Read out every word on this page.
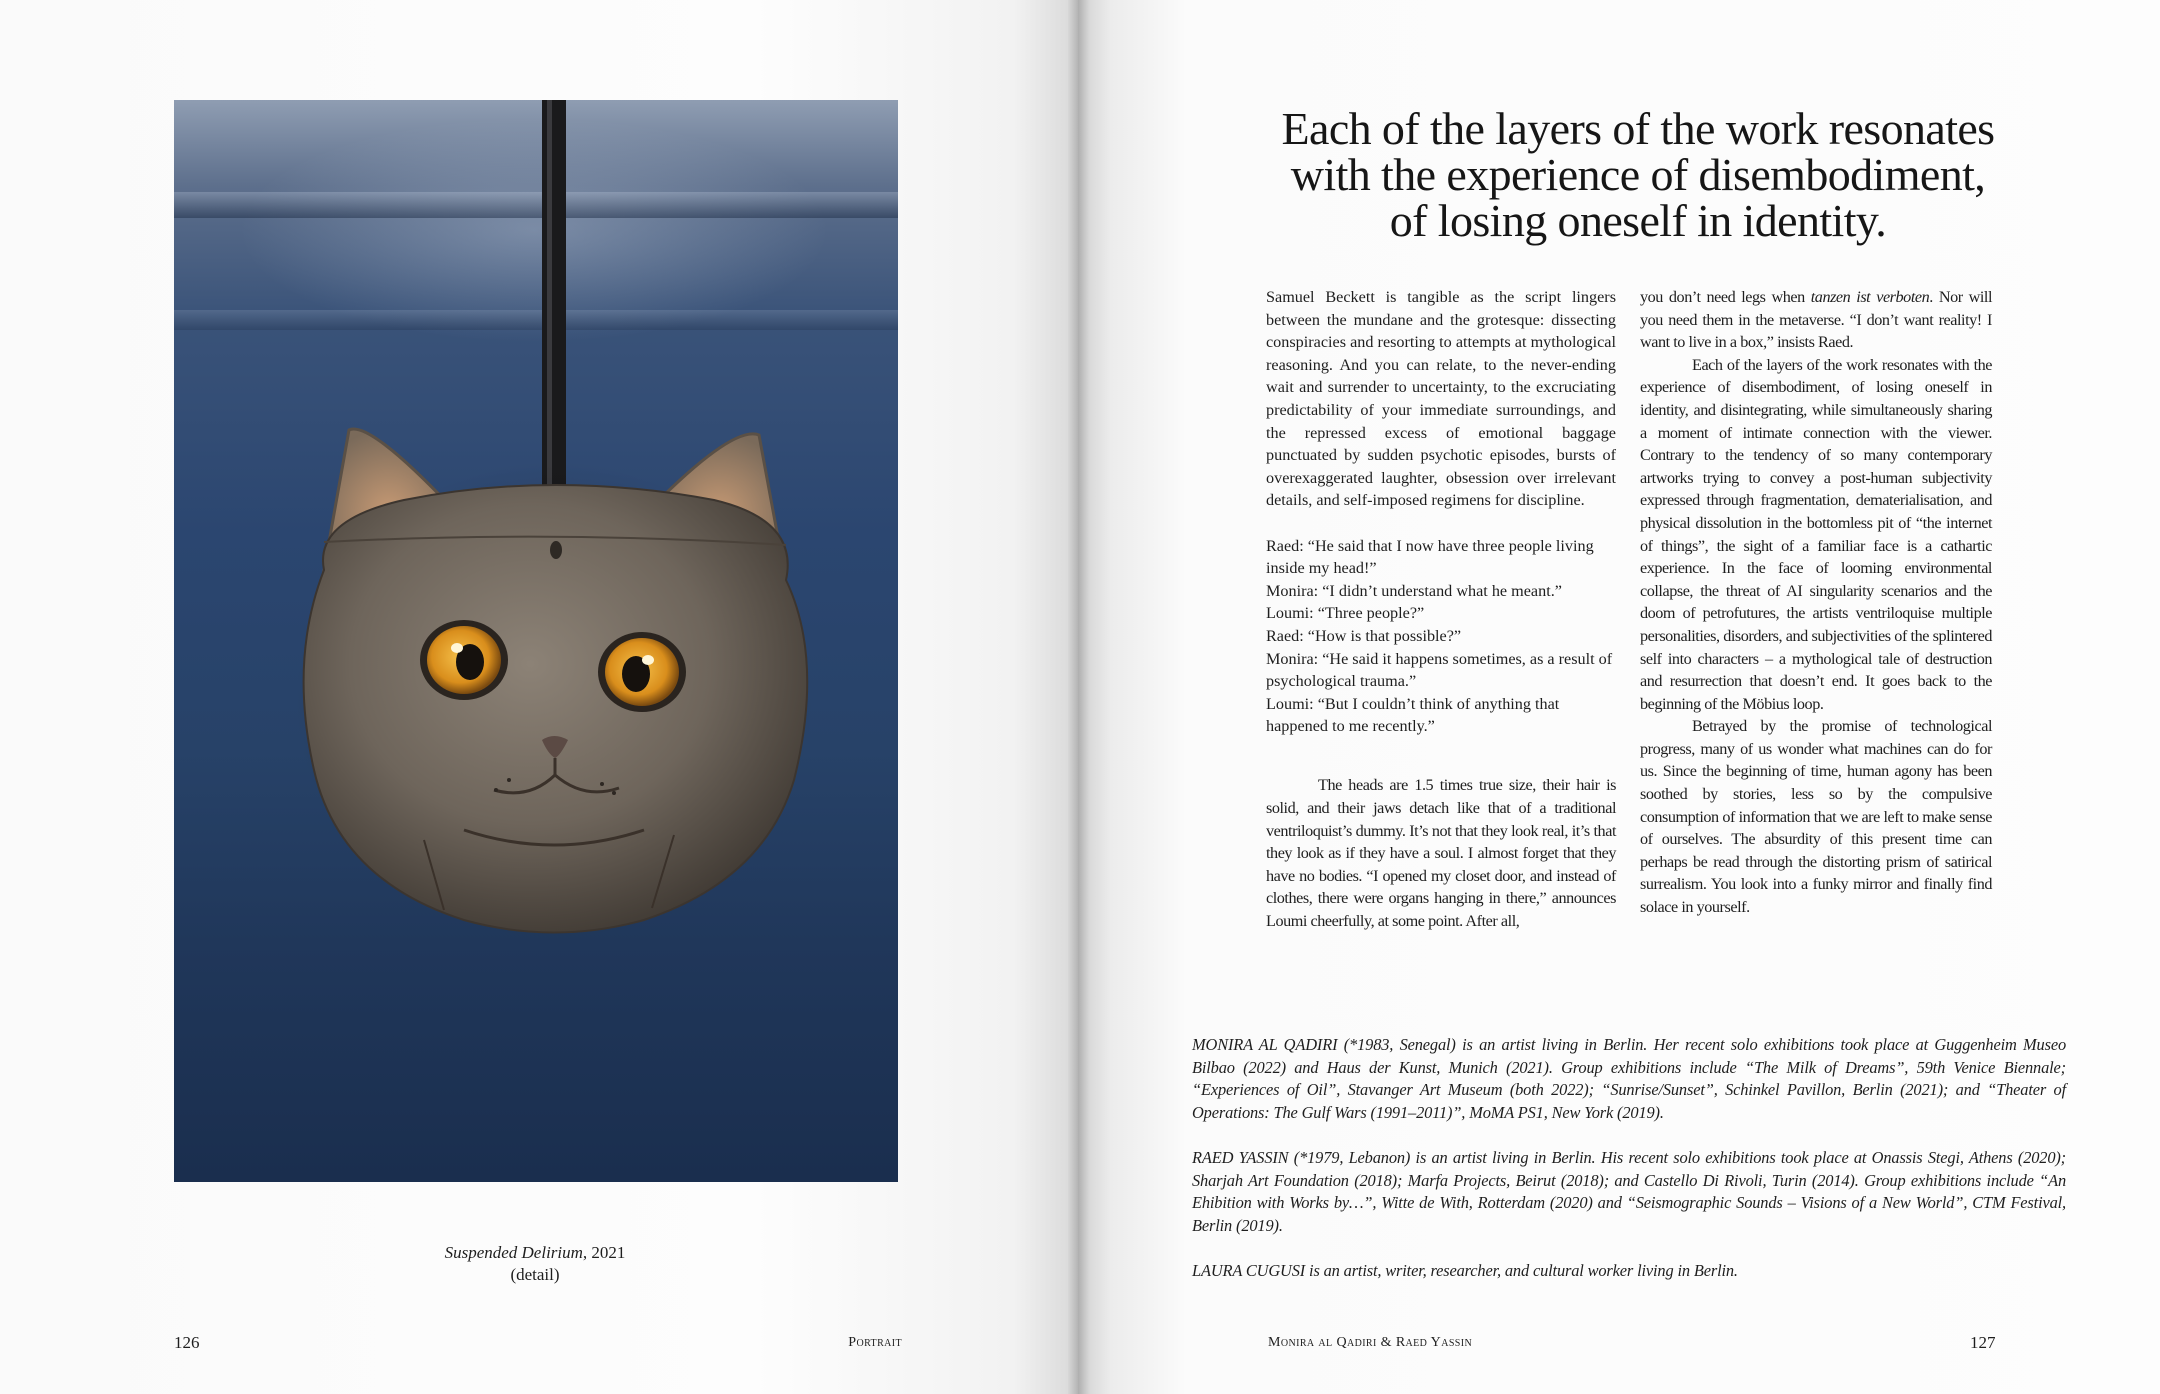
Suspended Delirium, 2021
(detail)
126	Portrait
Each of the layers of the work resonates
with the experience of disembodiment,
of losing oneself in identity.

Samuel Beckett is tangible as the script lingers between the mundane and the grotesque: dissecting conspiracies and resorting to attempts at mythological reasoning. And you can relate, to the never-ending wait and surrender to uncertainty, to the excruciating predictability of your immediate surroundings, and the repressed excess of emotional baggage punctuated by sudden psychotic episodes, bursts of overexaggerated laughter, obsession over irrelevant details, and self-imposed regimens for discipline.

Raed: “He said that I now have three people living inside my head!”

Monira: “I didn’t understand what he meant.”

Loumi: “Three people?”

Raed: “How is that possible?”

Monira: “He said it happens sometimes, as a result of psychological trauma.”

Loumi: “But I couldn’t think of anything that happened to me recently.”

The heads are 1.5 times true size, their hair is solid, and their jaws detach like that of a traditional ventriloquist’s dummy. It’s not that they look real, it’s that they look as if they have a soul. I almost forget that they have no bodies. “I opened my closet door, and instead of clothes, there were organs hanging in there,” announces Loumi cheerfully, at some point. After all,

you don’t need legs when tanzen ist verboten. Nor will you need them in the metaverse. “I don’t want reality! I want to live in a box,” insists Raed.

Each of the layers of the work resonates with the experience of disembodiment, of losing oneself in identity, and disintegrating, while simultaneously sharing a moment of intimate connection with the viewer. Contrary to the tendency of so many contemporary artworks trying to convey a post-human subjectivity expressed through fragmentation, dematerialisation, and physical dissolution in the bottomless pit of “the internet of things”, the sight of a familiar face is a cathartic experience. In the face of looming environmental collapse, the threat of AI singularity scenarios and the doom of petrofutures, the artists ventriloquise multiple personalities, disorders, and subjectivities of the splintered self into characters – a mythological tale of destruction and resurrection that doesn’t end. It goes back to the beginning of the Möbius loop.

Betrayed by the promise of technological progress, many of us wonder what machines can do for us. Since the beginning of time, human agony has been soothed by stories, less so by the compulsive consumption of information that we are left to make sense of ourselves. The absurdity of this present time can perhaps be read through the distorting prism of satirical surrealism. You look into a funky mirror and finally find solace in yourself.

MONIRA AL QADIRI (*1983, Senegal) is an artist living in Berlin. Her recent solo exhibitions took place at Guggenheim Museo Bilbao (2022) and Haus der Kunst, Munich (2021). Group exhibitions include “The Milk of Dreams”, 59th Venice Biennale; “Experiences of Oil”, Stavanger Art Museum (both 2022); “Sunrise/Sunset”, Schinkel Pavillon, Berlin (2021); and “Theater of Operations: The Gulf Wars (1991–2011)”, MoMA PS1, New York (2019).

RAED YASSIN (*1979, Lebanon) is an artist living in Berlin. His recent solo exhibitions took place at Onassis Stegi, Athens (2020); Sharjah Art Foundation (2018); Marfa Projects, Beirut (2018); and Castello Di Rivoli, Turin (2014). Group exhibitions include “An Ehibition with Works by…”, Witte de With, Rotterdam (2020) and “Seismographic Sounds – Visions of a New World”, CTM Festival, Berlin (2019).

LAURA CUGUSI is an artist, writer, researcher, and cultural worker living in Berlin.

Monira al Qadiri & Raed Yassin	127
